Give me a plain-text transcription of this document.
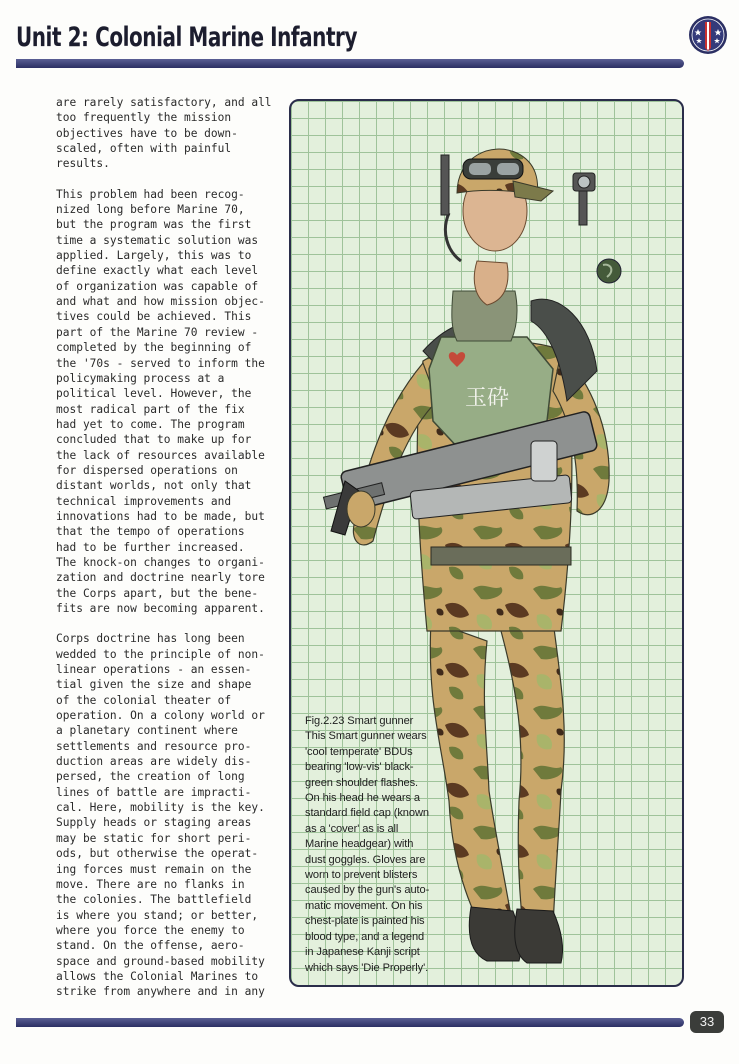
Unit 2: Colonial Marine Infantry

are rarely satisfactory, and all
too frequently the mission
objectives have to be down-
scaled, often with painful
results.

This problem had been recog-
nized long before Marine 70,
but the program was the first
time a systematic solution was
applied. Largely, this was to
define exactly what each level
of organization was capable of
and what and how mission objec-
tives could be achieved. This
part of the Marine 70 review -
completed by the beginning of
the '70s - served to inform the
policymaking process at a
political level. However, the
most radical part of the fix
had yet to come. The program
concluded that to make up for
the lack of resources available
for dispersed operations on
distant worlds, not only that
technical improvements and
innovations had to be made, but
that the tempo of operations
had to be further increased.
The knock-on changes to organi-
zation and doctrine nearly tore
the Corps apart, but the bene-
fits are now becoming apparent.

Corps doctrine has long been
wedded to the principle of non-
linear operations - an essen-
tial given the size and shape
of the colonial theater of
operation. On a colony world or
a planetary continent where
settlements and resource pro-
duction areas are widely dis-
persed, the creation of long
lines of battle are impracti-
cal. Here, mobility is the key.
Supply heads or staging areas
may be static for short peri-
ods, but otherwise the operat-
ing forces must remain on the
move. There are no flanks in
the colonies. The battlefield
is where you stand; or better,
where you force the enemy to
stand. On the offense, aero-
space and ground-based mobility
allows the Colonial Marines to
strike from anywhere and in any

玉砕
Fig.2.23 Smart gunner
This Smart gunner wears
'cool temperate' BDUs
bearing 'low-vis' black-
green shoulder flashes.
On his head he wears a
standard field cap (known
as a 'cover' as is all
Marine headgear) with
dust goggles. Gloves are
worn to prevent blisters
caused by the gun's auto-
matic movement. On his
chest-plate is painted his
blood type, and a legend
in Japanese Kanji script
which says 'Die Properly'.
33
